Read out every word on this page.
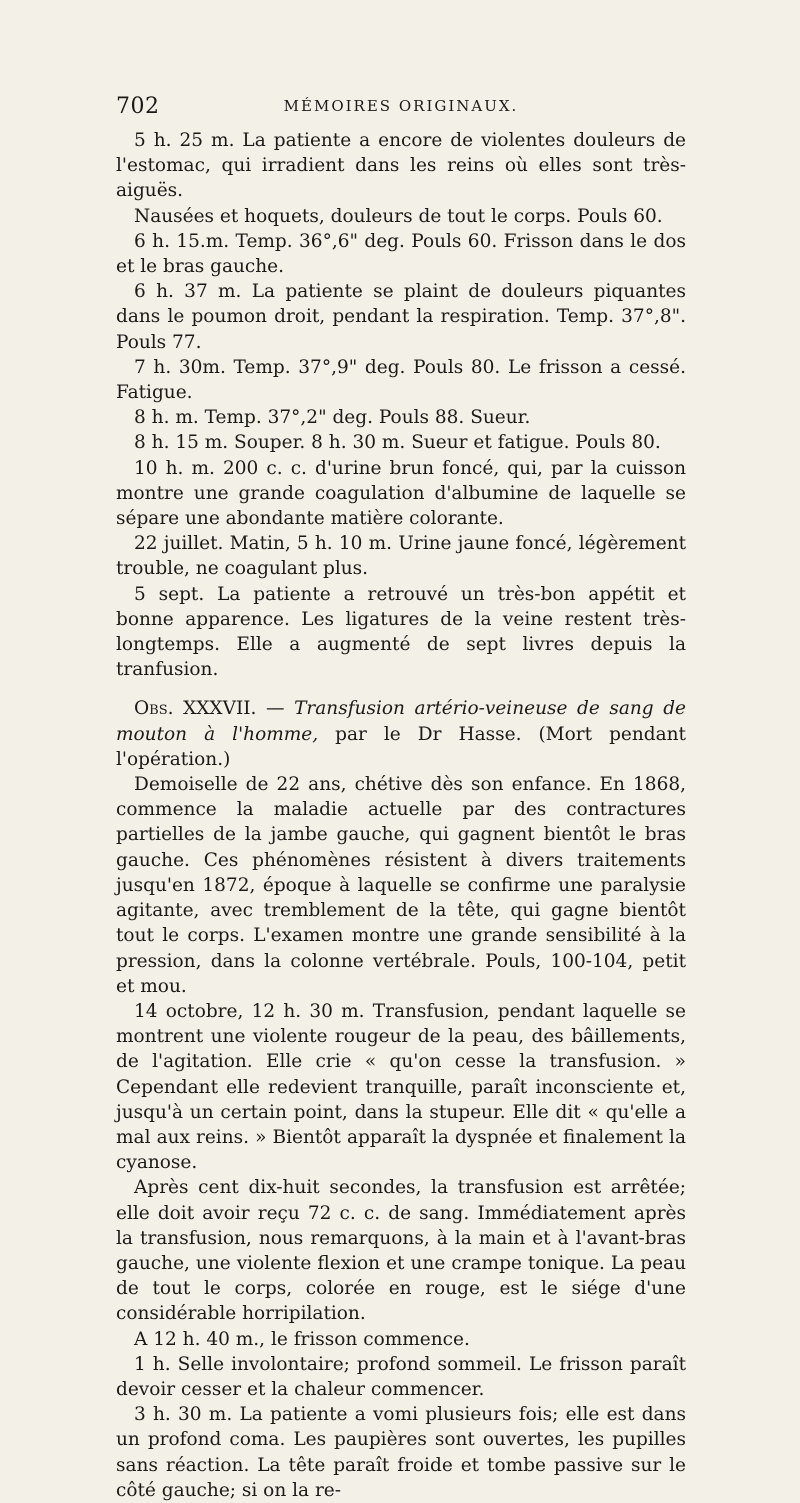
702	MÉMOIRES ORIGINAUX.

5 h. 25 m. La patiente a encore de violentes douleurs de l'estomac, qui irradient dans les reins où elles sont très-aiguës.

Nausées et hoquets, douleurs de tout le corps. Pouls 60.

6 h. 15.m. Temp. 36°,6" deg. Pouls 60. Frisson dans le dos et le bras gauche.

6 h. 37 m. La patiente se plaint de douleurs piquantes dans le poumon droit, pendant la respiration. Temp. 37°,8". Pouls 77.

7 h. 30m. Temp. 37°,9" deg. Pouls 80. Le frisson a cessé. Fatigue.

8 h. m. Temp. 37°,2" deg. Pouls 88. Sueur.

8 h. 15 m. Souper. 8 h. 30 m. Sueur et fatigue. Pouls 80.

10 h. m. 200 c. c. d'urine brun foncé, qui, par la cuisson montre une grande coagulation d'albumine de laquelle se sépare une abondante matière colorante.

22 juillet. Matin, 5 h. 10 m. Urine jaune foncé, légèrement trouble, ne coagulant plus.

5 sept. La patiente a retrouvé un très-bon appétit et bonne apparence. Les ligatures de la veine restent très-longtemps. Elle a augmenté de sept livres depuis la tranfusion.

Obs. XXXVII. — Transfusion artério-veineuse de sang de mouton à l'homme, par le Dr Hasse. (Mort pendant l'opération.)

Demoiselle de 22 ans, chétive dès son enfance. En 1868, commence la maladie actuelle par des contractures partielles de la jambe gauche, qui gagnent bientôt le bras gauche. Ces phénomènes résistent à divers traitements jusqu'en 1872, époque à laquelle se confirme une paralysie agitante, avec tremblement de la tête, qui gagne bientôt tout le corps. L'examen montre une grande sensibilité à la pression, dans la colonne vertébrale. Pouls, 100-104, petit et mou.

14 octobre, 12 h. 30 m. Transfusion, pendant laquelle se montrent une violente rougeur de la peau, des bâillements, de l'agitation. Elle crie « qu'on cesse la transfusion. » Cependant elle redevient tranquille, paraît inconsciente et, jusqu'à un certain point, dans la stupeur. Elle dit « qu'elle a mal aux reins. » Bientôt apparaît la dyspnée et finalement la cyanose.

Après cent dix-huit secondes, la transfusion est arrêtée; elle doit avoir reçu 72 c. c. de sang. Immédiatement après la transfusion, nous remarquons, à la main et à l'avant-bras gauche, une violente flexion et une crampe tonique. La peau de tout le corps, colorée en rouge, est le siége d'une considérable horripilation.

A 12 h. 40 m., le frisson commence.

1 h. Selle involontaire; profond sommeil. Le frisson paraît devoir cesser et la chaleur commencer.

3 h. 30 m. La patiente a vomi plusieurs fois; elle est dans un profond coma. Les paupières sont ouvertes, les pupilles sans réaction. La tête paraît froide et tombe passive sur le côté gauche; si on la re-
